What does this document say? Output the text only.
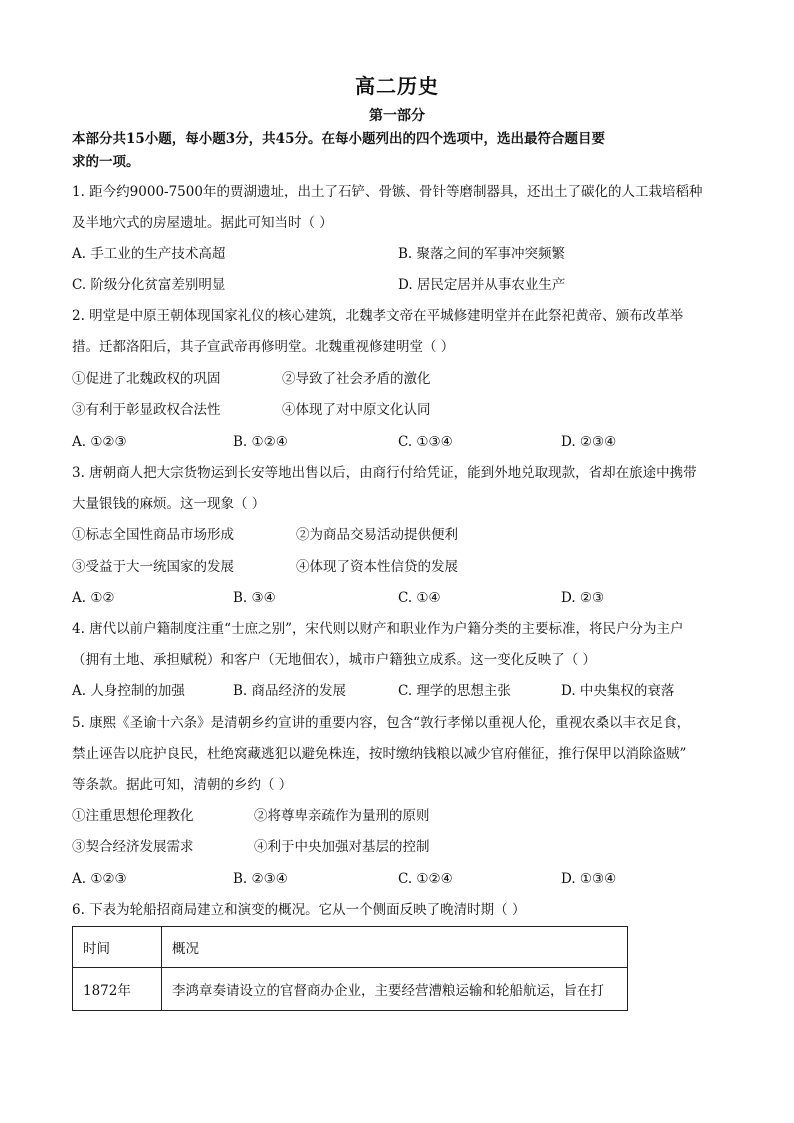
高二历史
第一部分
本部分共15小题，每小题3分，共45分。在每小题列出的四个选项中，选出最符合题目要
求的一项。
1. 距今约9000-7500年的贾湖遗址，出土了石铲、骨镞、骨针等磨制器具，还出土了碳化的人工栽培稻种
及半地穴式的房屋遗址。据此可知当时（ ）
A. 手工业的生产技术高超	B. 聚落之间的军事冲突频繁
C. 阶级分化贫富差别明显	D. 居民定居并从事农业生产
2. 明堂是中原王朝体现国家礼仪的核心建筑，北魏孝文帝在平城修建明堂并在此祭祀黄帝、颁布改革举
措。迁都洛阳后，其子宣武帝再修明堂。北魏重视修建明堂（ ）
①促进了北魏政权的巩固	②导致了社会矛盾的激化
③有利于彰显政权合法性	④体现了对中原文化认同
A. ①②③	B. ①②④	C. ①③④	D. ②③④
3. 唐朝商人把大宗货物运到长安等地出售以后，由商行付给凭证，能到外地兑取现款，省却在旅途中携带
大量银钱的麻烦。这一现象（ ）
①标志全国性商品市场形成	②为商品交易活动提供便利
③受益于大一统国家的发展	④体现了资本性信贷的发展
A. ①②	B. ③④	C. ①④	D. ②③
4. 唐代以前户籍制度注重“士庶之别”，宋代则以财产和职业作为户籍分类的主要标准，将民户分为主户
（拥有土地、承担赋税）和客户（无地佃农），城市户籍独立成系。这一变化反映了（ ）
A. 人身控制的加强	B. 商品经济的发展	C. 理学的思想主张	D. 中央集权的衰落
5. 康熙《圣谕十六条》是清朝乡约宣讲的重要内容，包含“敦行孝悌以重视人伦，重视农桑以丰衣足食，
禁止诬告以庇护良民，杜绝窝藏逃犯以避免株连，按时缴纳钱粮以减少官府催征，推行保甲以消除盗贼”
等条款。据此可知，清朝的乡约（ ）
①注重思想伦理教化	②将尊卑亲疏作为量刑的原则
③契合经济发展需求	④利于中央加强对基层的控制
A. ①②③	B. ②③④	C. ①②④	D. ①③④
6. 下表为轮船招商局建立和演变的概况。它从一个侧面反映了晚清时期（ ）
时间	概况
1872年	李鸿章奏请设立的官督商办企业，主要经营漕粮运输和轮船航运，旨在打
